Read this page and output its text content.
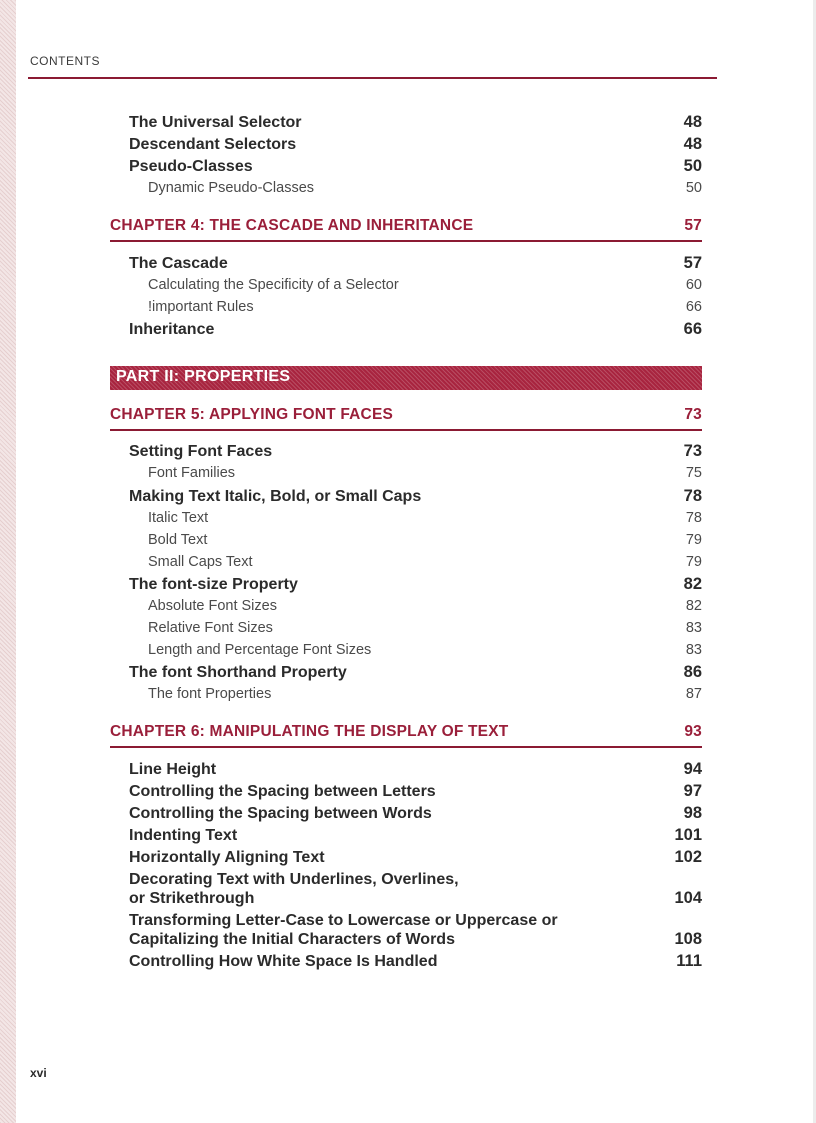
CONTENTS
The Universal Selector	48
Descendant Selectors	48
Pseudo-Classes	50
Dynamic Pseudo-Classes	50
CHAPTER 4: THE CASCADE AND INHERITANCE	57
The Cascade	57
Calculating the Specificity of a Selector	60
!important Rules	66
Inheritance	66
PART II: PROPERTIES
CHAPTER 5: APPLYING FONT FACES	73
Setting Font Faces	73
Font Families	75
Making Text Italic, Bold, or Small Caps	78
Italic Text	78
Bold Text	79
Small Caps Text	79
The font-size Property	82
Absolute Font Sizes	82
Relative Font Sizes	83
Length and Percentage Font Sizes	83
The font Shorthand Property	86
The font Properties	87
CHAPTER 6: MANIPULATING THE DISPLAY OF TEXT	93
Line Height	94
Controlling the Spacing between Letters	97
Controlling the Spacing between Words	98
Indenting Text	101
Horizontally Aligning Text	102
Decorating Text with Underlines, Overlines,
or Strikethrough	104
Transforming Letter-Case to Lowercase or Uppercase or
Capitalizing the Initial Characters of Words	108
Controlling How White Space Is Handled	111
xvi
